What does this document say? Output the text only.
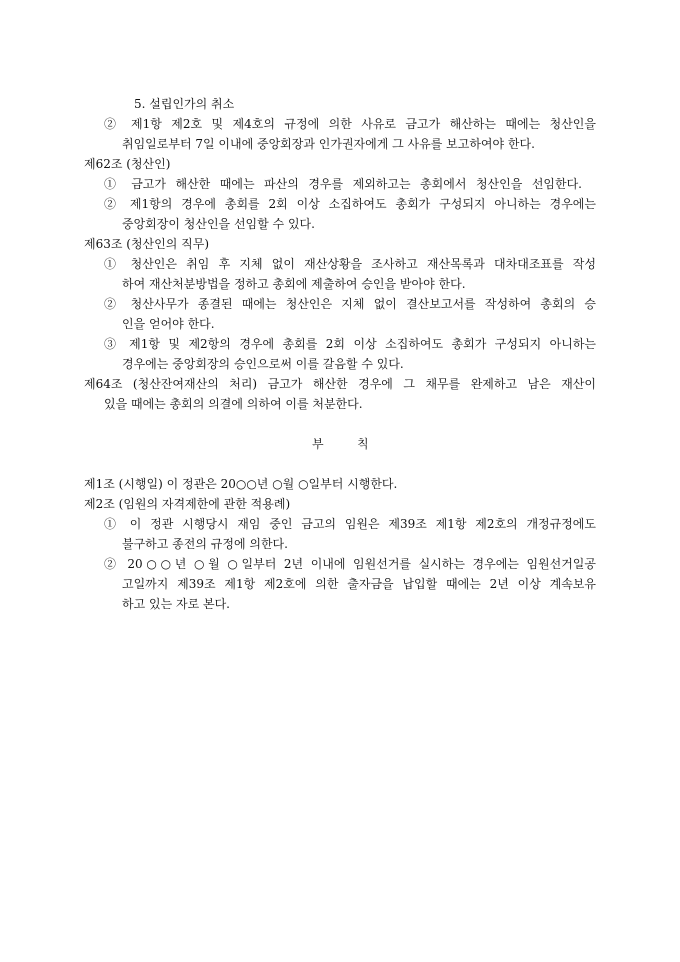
5. 설립인가의 취소
② 제1항 제2호 및 제4호의 규정에 의한 사유로 금고가 해산하는 때에는 청산인을
취임일로부터 7일 이내에 중앙회장과 인가권자에게 그 사유를 보고하여야 한다.
제62조 (청산인)
① 금고가 해산한 때에는 파산의 경우를 제외하고는 총회에서 청산인을 선임한다.
② 제1항의 경우에 총회를 2회 이상 소집하여도 총회가 구성되지 아니하는 경우에는
중앙회장이 청산인을 선임할 수 있다.
제63조 (청산인의 직무)
① 청산인은 취임 후 지체 없이 재산상황을 조사하고 재산목록과 대차대조표를 작성
하여 재산처분방법을 정하고 총회에 제출하여 승인을 받아야 한다.
② 청산사무가 종결된 때에는 청산인은 지체 없이 결산보고서를 작성하여 총회의 승
인을 얻어야 한다.
③ 제1항 및 제2항의 경우에 총회를 2회 이상 소집하여도 총회가 구성되지 아니하는
경우에는 중앙회장의 승인으로써 이를 갈음할 수 있다.
제64조 (청산잔여재산의 처리) 금고가 해산한 경우에 그 채무를 완제하고 남은 재산이
있을 때에는 총회의 의결에 의하여 이를 처분한다.
부	칙
제1조 (시행일) 이 정관은 20○○년 ○월 ○일부터 시행한다.
제2조 (임원의 자격제한에 관한 적용례)
① 이 정관 시행당시 재임 중인 금고의 임원은 제39조 제1항 제2호의 개정규정에도
불구하고 종전의 규정에 의한다.
② 20○○년 ○월 ○일부터 2년 이내에 임원선거를 실시하는 경우에는 임원선거일공
고일까지 제39조 제1항 제2호에 의한 출자금을 납입할 때에는 2년 이상 계속보유
하고 있는 자로 본다.
